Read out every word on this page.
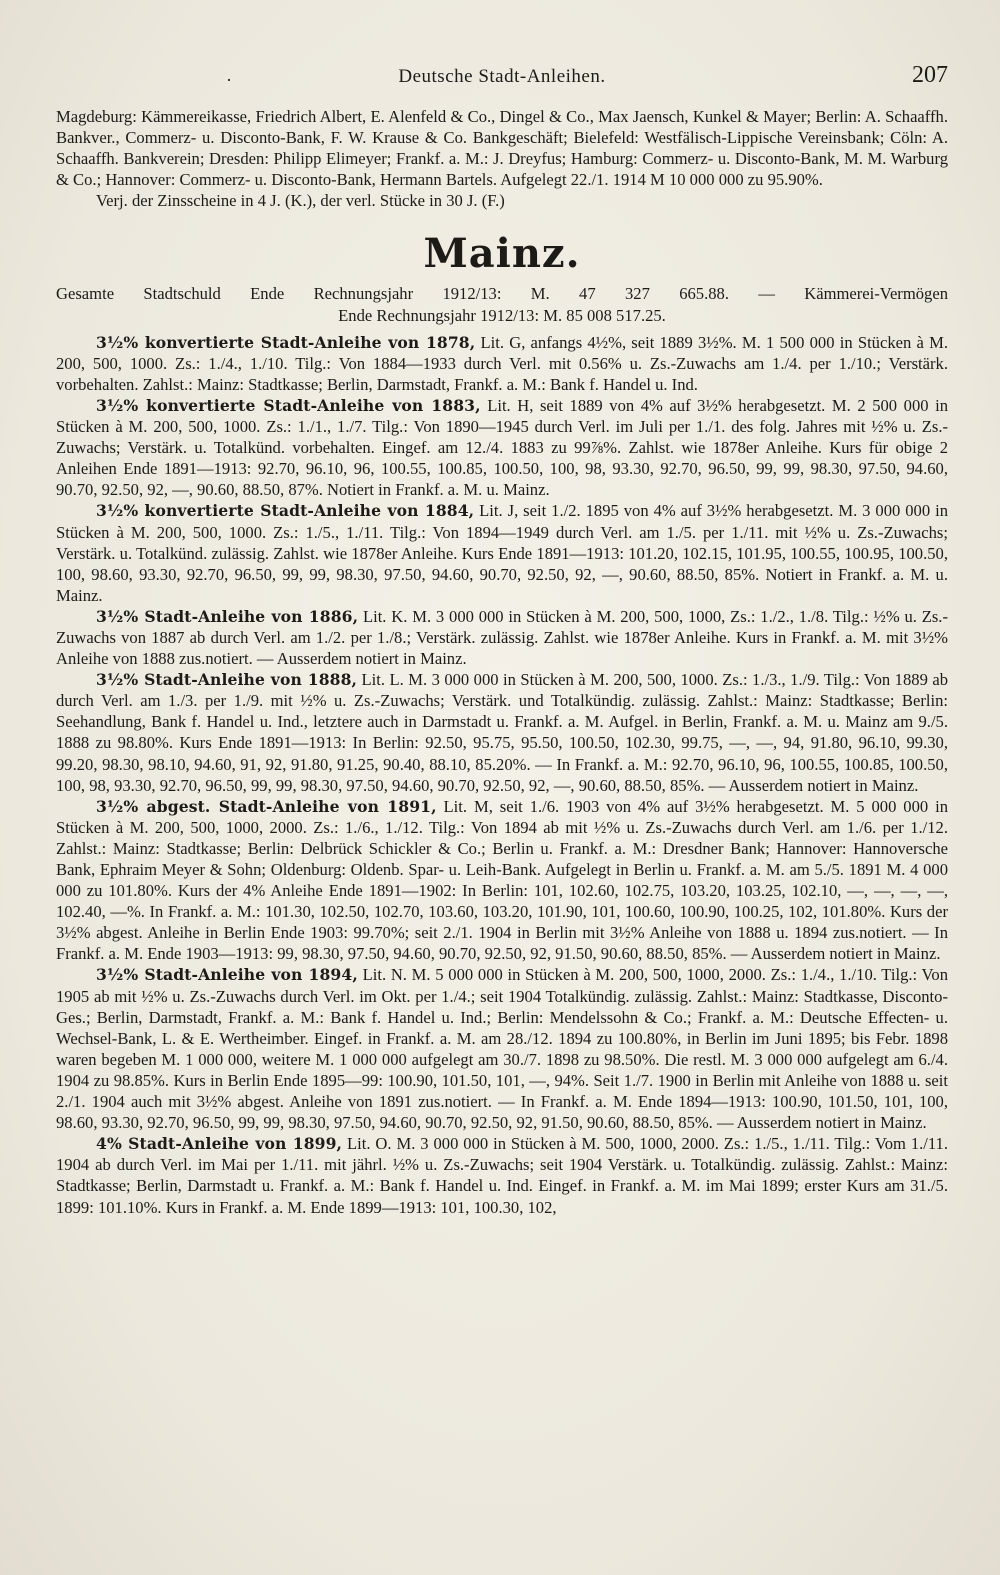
·	Deutsche Stadt-Anleihen.	207

Magdeburg: Kämmereikasse, Friedrich Albert, E. Alenfeld & Co., Dingel & Co., Max Jaensch, Kunkel & Mayer; Berlin: A. Schaaffh. Bankver., Commerz- u. Disconto-Bank, F. W. Krause & Co. Bankgeschäft; Bielefeld: Westfälisch-Lippische Vereinsbank; Cöln: A. Schaaffh. Bankverein; Dresden: Philipp Elimeyer; Frankf. a. M.: J. Dreyfus; Hamburg: Commerz- u. Disconto-Bank, M. M. Warburg & Co.; Hannover: Commerz- u. Disconto-Bank, Hermann Bartels. Aufgelegt 22./1. 1914 M 10 000 000 zu 95.90%.

Verj. der Zinsscheine in 4 J. (K.), der verl. Stücke in 30 J. (F.)

Mainz.

Gesamte Stadtschuld Ende Rechnungsjahr 1912/13: M. 47 327 665.88. — Kämmerei-Vermögen

Ende Rechnungsjahr 1912/13: M. 85 008 517.25.

3½% konvertierte Stadt-Anleihe von 1878, Lit. G, anfangs 4½%, seit 1889 3½%. M. 1 500 000 in Stücken à M. 200, 500, 1000. Zs.: 1./4., 1./10. Tilg.: Von 1884—1933 durch Verl. mit 0.56% u. Zs.-Zuwachs am 1./4. per 1./10.; Verstärk. vorbehalten. Zahlst.: Mainz: Stadtkasse; Berlin, Darmstadt, Frankf. a. M.: Bank f. Handel u. Ind.

3½% konvertierte Stadt-Anleihe von 1883, Lit. H, seit 1889 von 4% auf 3½% herabgesetzt. M. 2 500 000 in Stücken à M. 200, 500, 1000. Zs.: 1./1., 1./7. Tilg.: Von 1890—1945 durch Verl. im Juli per 1./1. des folg. Jahres mit ½% u. Zs.-Zuwachs; Verstärk. u. Totalkünd. vorbehalten. Eingef. am 12./4. 1883 zu 99⅞%. Zahlst. wie 1878er Anleihe. Kurs für obige 2 Anleihen Ende 1891—1913: 92.70, 96.10, 96, 100.55, 100.85, 100.50, 100, 98, 93.30, 92.70, 96.50, 99, 99, 98.30, 97.50, 94.60, 90.70, 92.50, 92, —, 90.60, 88.50, 87%. Notiert in Frankf. a. M. u. Mainz.

3½% konvertierte Stadt-Anleihe von 1884, Lit. J, seit 1./2. 1895 von 4% auf 3½% herabgesetzt. M. 3 000 000 in Stücken à M. 200, 500, 1000. Zs.: 1./5., 1./11. Tilg.: Von 1894—1949 durch Verl. am 1./5. per 1./11. mit ½% u. Zs.-Zuwachs; Verstärk. u. Totalkünd. zulässig. Zahlst. wie 1878er Anleihe. Kurs Ende 1891—1913: 101.20, 102.15, 101.95, 100.55, 100.95, 100.50, 100, 98.60, 93.30, 92.70, 96.50, 99, 99, 98.30, 97.50, 94.60, 90.70, 92.50, 92, —, 90.60, 88.50, 85%. Notiert in Frankf. a. M. u. Mainz.

3½% Stadt-Anleihe von 1886, Lit. K. M. 3 000 000 in Stücken à M. 200, 500, 1000, Zs.: 1./2., 1./8. Tilg.: ½% u. Zs.-Zuwachs von 1887 ab durch Verl. am 1./2. per 1./8.; Verstärk. zulässig. Zahlst. wie 1878er Anleihe. Kurs in Frankf. a. M. mit 3½% Anleihe von 1888 zus.notiert. — Ausserdem notiert in Mainz.

3½% Stadt-Anleihe von 1888, Lit. L. M. 3 000 000 in Stücken à M. 200, 500, 1000. Zs.: 1./3., 1./9. Tilg.: Von 1889 ab durch Verl. am 1./3. per 1./9. mit ½% u. Zs.-Zuwachs; Verstärk. und Totalkündig. zulässig. Zahlst.: Mainz: Stadtkasse; Berlin: Seehandlung, Bank f. Handel u. Ind., letztere auch in Darmstadt u. Frankf. a. M. Aufgel. in Berlin, Frankf. a. M. u. Mainz am 9./5. 1888 zu 98.80%. Kurs Ende 1891—1913: In Berlin: 92.50, 95.75, 95.50, 100.50, 102.30, 99.75, —, —, 94, 91.80, 96.10, 99.30, 99.20, 98.30, 98.10, 94.60, 91, 92, 91.80, 91.25, 90.40, 88.10, 85.20%. — In Frankf. a. M.: 92.70, 96.10, 96, 100.55, 100.85, 100.50, 100, 98, 93.30, 92.70, 96.50, 99, 99, 98.30, 97.50, 94.60, 90.70, 92.50, 92, —, 90.60, 88.50, 85%. — Ausserdem notiert in Mainz.

3½% abgest. Stadt-Anleihe von 1891, Lit. M, seit 1./6. 1903 von 4% auf 3½% herabgesetzt. M. 5 000 000 in Stücken à M. 200, 500, 1000, 2000. Zs.: 1./6., 1./12. Tilg.: Von 1894 ab mit ½% u. Zs.-Zuwachs durch Verl. am 1./6. per 1./12. Zahlst.: Mainz: Stadtkasse; Berlin: Delbrück Schickler & Co.; Berlin u. Frankf. a. M.: Dresdner Bank; Hannover: Hannoversche Bank, Ephraim Meyer & Sohn; Oldenburg: Oldenb. Spar- u. Leih-Bank. Aufgelegt in Berlin u. Frankf. a. M. am 5./5. 1891 M. 4 000 000 zu 101.80%. Kurs der 4% Anleihe Ende 1891—1902: In Berlin: 101, 102.60, 102.75, 103.20, 103.25, 102.10, —, —, —, —, 102.40, —%. In Frankf. a. M.: 101.30, 102.50, 102.70, 103.60, 103.20, 101.90, 101, 100.60, 100.90, 100.25, 102, 101.80%. Kurs der 3½% abgest. Anleihe in Berlin Ende 1903: 99.70%; seit 2./1. 1904 in Berlin mit 3½% Anleihe von 1888 u. 1894 zus.notiert. — In Frankf. a. M. Ende 1903—1913: 99, 98.30, 97.50, 94.60, 90.70, 92.50, 92, 91.50, 90.60, 88.50, 85%. — Ausserdem notiert in Mainz.

3½% Stadt-Anleihe von 1894, Lit. N. M. 5 000 000 in Stücken à M. 200, 500, 1000, 2000. Zs.: 1./4., 1./10. Tilg.: Von 1905 ab mit ½% u. Zs.-Zuwachs durch Verl. im Okt. per 1./4.; seit 1904 Totalkündig. zulässig. Zahlst.: Mainz: Stadtkasse, Disconto-Ges.; Berlin, Darmstadt, Frankf. a. M.: Bank f. Handel u. Ind.; Berlin: Mendelssohn & Co.; Frankf. a. M.: Deutsche Effecten- u. Wechsel-Bank, L. & E. Wertheimber. Eingef. in Frankf. a. M. am 28./12. 1894 zu 100.80%, in Berlin im Juni 1895; bis Febr. 1898 waren begeben M. 1 000 000, weitere M. 1 000 000 aufgelegt am 30./7. 1898 zu 98.50%. Die restl. M. 3 000 000 aufgelegt am 6./4. 1904 zu 98.85%. Kurs in Berlin Ende 1895—99: 100.90, 101.50, 101, —, 94%. Seit 1./7. 1900 in Berlin mit Anleihe von 1888 u. seit 2./1. 1904 auch mit 3½% abgest. Anleihe von 1891 zus.notiert. — In Frankf. a. M. Ende 1894—1913: 100.90, 101.50, 101, 100, 98.60, 93.30, 92.70, 96.50, 99, 99, 98.30, 97.50, 94.60, 90.70, 92.50, 92, 91.50, 90.60, 88.50, 85%. — Ausserdem notiert in Mainz.

4% Stadt-Anleihe von 1899, Lit. O. M. 3 000 000 in Stücken à M. 500, 1000, 2000. Zs.: 1./5., 1./11. Tilg.: Vom 1./11. 1904 ab durch Verl. im Mai per 1./11. mit jährl. ½% u. Zs.-Zuwachs; seit 1904 Verstärk. u. Totalkündig. zulässig. Zahlst.: Mainz: Stadtkasse; Berlin, Darmstadt u. Frankf. a. M.: Bank f. Handel u. Ind. Eingef. in Frankf. a. M. im Mai 1899; erster Kurs am 31./5. 1899: 101.10%. Kurs in Frankf. a. M. Ende 1899—1913: 101, 100.30, 102,
